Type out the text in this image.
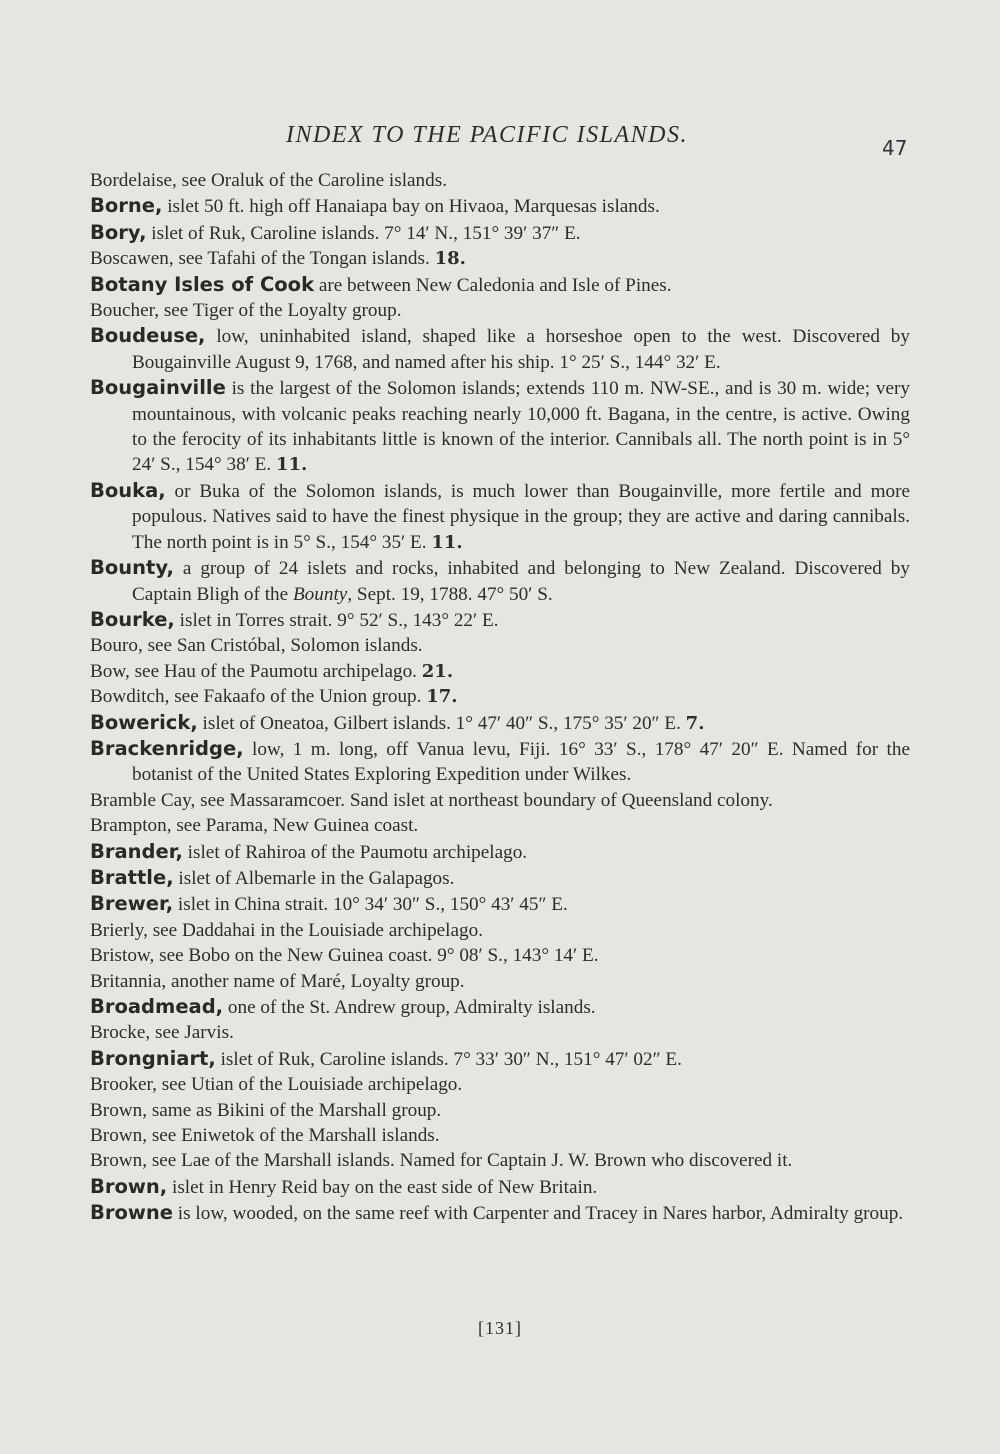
INDEX TO THE PACIFIC ISLANDS.	47

Bordelaise, see Oraluk of the Caroline islands.

Borne, islet 50 ft. high off Hanaiapa bay on Hivaoa, Marquesas islands.

Bory, islet of Ruk, Caroline islands. 7° 14′ N., 151° 39′ 37″ E.

Boscawen, see Tafahi of the Tongan islands. 18.

Botany Isles of Cook are between New Caledonia and Isle of Pines.

Boucher, see Tiger of the Loyalty group.

Boudeuse, low, uninhabited island, shaped like a horseshoe open to the west. Discovered by Bougainville August 9, 1768, and named after his ship. 1° 25′ S., 144° 32′ E.

Bougainville is the largest of the Solomon islands; extends 110 m. NW-SE., and is 30 m. wide; very mountainous, with volcanic peaks reaching nearly 10,000 ft. Bagana, in the centre, is active. Owing to the ferocity of its inhabitants little is known of the interior. Cannibals all. The north point is in 5° 24′ S., 154° 38′ E. 11.

Bouka, or Buka of the Solomon islands, is much lower than Bougainville, more fertile and more populous. Natives said to have the finest physique in the group; they are active and daring cannibals. The north point is in 5° S., 154° 35′ E. 11.

Bounty, a group of 24 islets and rocks, inhabited and belonging to New Zealand. Discovered by Captain Bligh of the Bounty, Sept. 19, 1788. 47° 50′ S.

Bourke, islet in Torres strait. 9° 52′ S., 143° 22′ E.

Bouro, see San Cristóbal, Solomon islands.

Bow, see Hau of the Paumotu archipelago. 21.

Bowditch, see Fakaafo of the Union group. 17.

Bowerick, islet of Oneatoa, Gilbert islands. 1° 47′ 40″ S., 175° 35′ 20″ E. 7.

Brackenridge, low, 1 m. long, off Vanua levu, Fiji. 16° 33′ S., 178° 47′ 20″ E. Named for the botanist of the United States Exploring Expedition under Wilkes.

Bramble Cay, see Massaramcoer. Sand islet at northeast boundary of Queensland colony.

Brampton, see Parama, New Guinea coast.

Brander, islet of Rahiroa of the Paumotu archipelago.

Brattle, islet of Albemarle in the Galapagos.

Brewer, islet in China strait. 10° 34′ 30″ S., 150° 43′ 45″ E.

Brierly, see Daddahai in the Louisiade archipelago.

Bristow, see Bobo on the New Guinea coast. 9° 08′ S., 143° 14′ E.

Britannia, another name of Maré, Loyalty group.

Broadmead, one of the St. Andrew group, Admiralty islands.

Brocke, see Jarvis.

Brongniart, islet of Ruk, Caroline islands. 7° 33′ 30″ N., 151° 47′ 02″ E.

Brooker, see Utian of the Louisiade archipelago.

Brown, same as Bikini of the Marshall group.

Brown, see Eniwetok of the Marshall islands.

Brown, see Lae of the Marshall islands. Named for Captain J. W. Brown who discovered it.

Brown, islet in Henry Reid bay on the east side of New Britain.

Browne is low, wooded, on the same reef with Carpenter and Tracey in Nares harbor, Admiralty group.

[131]
